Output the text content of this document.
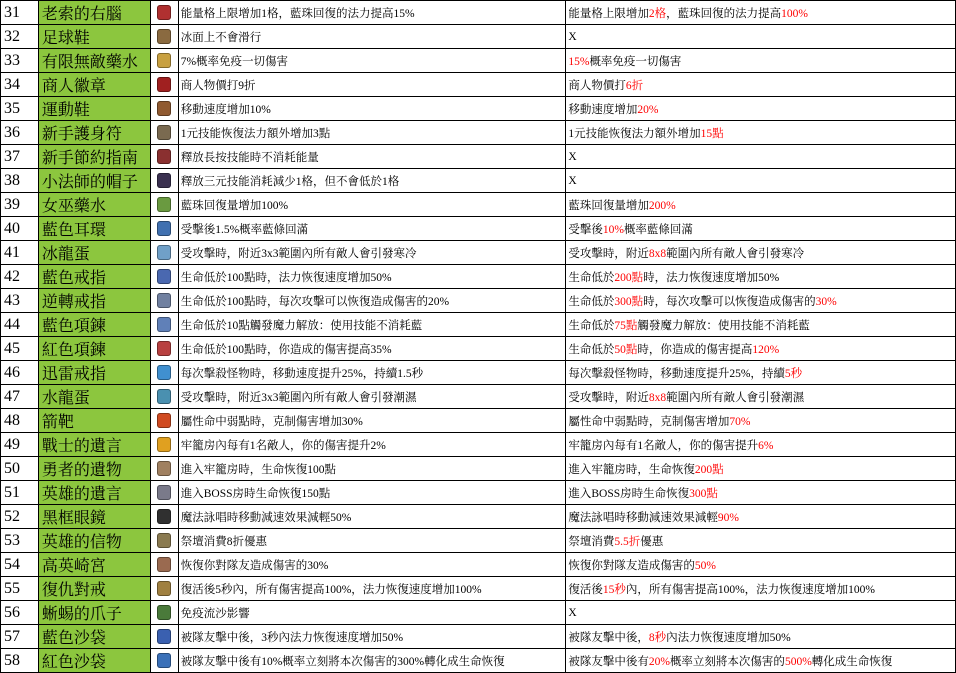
31	老索的右腦		能量格上限增加1格，藍珠回復的法力提高15%	能量格上限增加2格，藍珠回復的法力提高100%
32	足球鞋		冰面上不會滑行	X
33	有限無敵藥水		7%概率免疫一切傷害	15%概率免疫一切傷害
34	商人徽章		商人物價打9折	商人物價打6折
35	運動鞋		移動速度增加10%	移動速度增加20%
36	新手護身符		1元技能恢復法力額外增加3點	1元技能恢復法力額外增加15點
37	新手節約指南		釋放長按技能時不消耗能量	X
38	小法師的帽子		釋放三元技能消耗減少1格，但不會低於1格	X
39	女巫藥水		藍珠回復量增加100%	藍珠回復量增加200%
40	藍色耳環		受擊後1.5%概率藍條回滿	受擊後10%概率藍條回滿
41	冰龍蛋		受攻擊時，附近3x3範圍內所有敵人會引發寒冷	受攻擊時，附近8x8範圍內所有敵人會引發寒冷
42	藍色戒指		生命低於100點時，法力恢復速度增加50%	生命低於200點時，法力恢復速度增加50%
43	逆轉戒指		生命低於100點時，每次攻擊可以恢復造成傷害的20%	生命低於300點時，每次攻擊可以恢復造成傷害的30%
44	藍色項鍊		生命低於10點觸發魔力解放：使用技能不消耗藍	生命低於75點觸發魔力解放：使用技能不消耗藍
45	紅色項鍊		生命低於100點時，你造成的傷害提高35%	生命低於50點時，你造成的傷害提高120%
46	迅雷戒指		每次擊殺怪物時，移動速度提升25%，持續1.5秒	每次擊殺怪物時，移動速度提升25%，持續5秒
47	水龍蛋		受攻擊時，附近3x3範圍內所有敵人會引發潮濕	受攻擊時，附近8x8範圍內所有敵人會引發潮濕
48	箭靶		屬性命中弱點時，克制傷害增加30%	屬性命中弱點時，克制傷害增加70%
49	戰士的遺言		牢籠房內每有1名敵人，你的傷害提升2%	牢籠房內每有1名敵人，你的傷害提升6%
50	勇者的遺物		進入牢籠房時，生命恢復100點	進入牢籠房時，生命恢復200點
51	英雄的遺言		進入BOSS房時生命恢復150點	進入BOSS房時生命恢復300點
52	黑框眼鏡		魔法詠唱時移動減速效果減輕50%	魔法詠唱時移動減速效果減輕90%
53	英雄的信物		祭壇消費8折優惠	祭壇消費5.5折優惠
54	高英崎宮		恢復你對隊友造成傷害的30%	恢復你對隊友造成傷害的50%
55	復仇對戒		復活後5秒內，所有傷害提高100%，法力恢復速度增加100%	復活後15秒內，所有傷害提高100%，法力恢復速度增加100%
56	蜥蜴的爪子		免疫流沙影響	X
57	藍色沙袋		被隊友擊中後，3秒內法力恢復速度增加50%	被隊友擊中後，8秒內法力恢復速度增加50%
58	紅色沙袋		被隊友擊中後有10%概率立刻將本次傷害的300%轉化成生命恢復	被隊友擊中後有20%概率立刻將本次傷害的500%轉化成生命恢復
